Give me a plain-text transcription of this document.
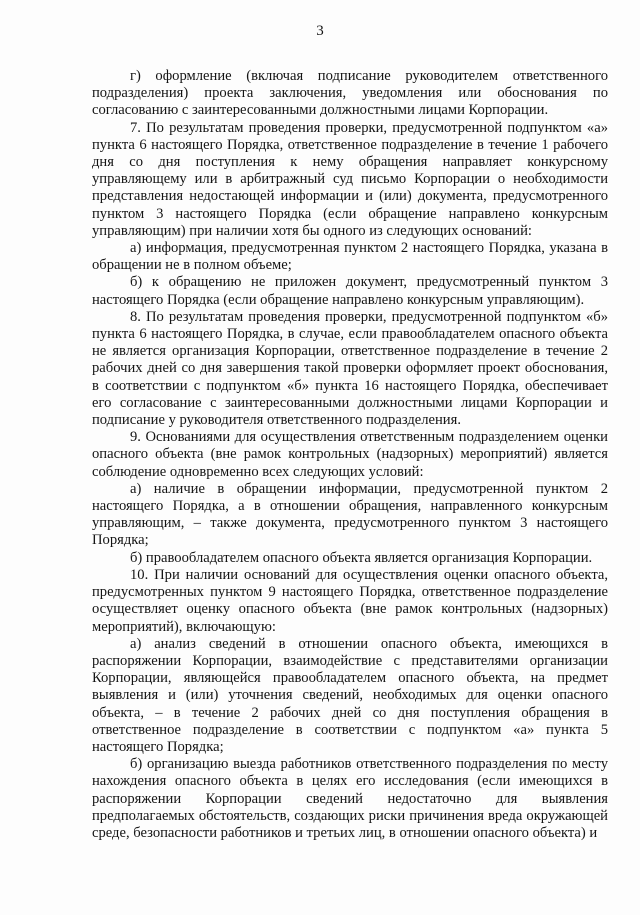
3

г) оформление (включая подписание руководителем ответственного подразделения) проекта заключения, уведомления или обоснования по согласованию с заинтересованными должностными лицами Корпорации.

7. По результатам проведения проверки, предусмотренной подпунктом «а» пункта 6 настоящего Порядка, ответственное подразделение в течение 1 рабочего дня со дня поступления к нему обращения направляет конкурсному управляющему или в арбитражный суд письмо Корпорации о необходимости представления недостающей информации и (или) документа, предусмотренного пунктом 3 настоящего Порядка (если обращение направлено конкурсным управляющим) при наличии хотя бы одного из следующих оснований:

а) информация, предусмотренная пунктом 2 настоящего Порядка, указана в обращении не в полном объеме;

б) к обращению не приложен документ, предусмотренный пунктом 3 настоящего Порядка (если обращение направлено конкурсным управляющим).

8. По результатам проведения проверки, предусмотренной подпунктом «б» пункта 6 настоящего Порядка, в случае, если правообладателем опасного объекта не является организация Корпорации, ответственное подразделение в течение 2 рабочих дней со дня завершения такой проверки оформляет проект обоснования, в соответствии с подпунктом «б» пункта 16 настоящего Порядка, обеспечивает его согласование с заинтересованными должностными лицами Корпорации и подписание у руководителя ответственного подразделения.

9. Основаниями для осуществления ответственным подразделением оценки опасного объекта (вне рамок контрольных (надзорных) мероприятий) является соблюдение одновременно всех следующих условий:

а) наличие в обращении информации, предусмотренной пунктом 2 настоящего Порядка, а в отношении обращения, направленного конкурсным управляющим, – также документа, предусмотренного пунктом 3 настоящего Порядка;

б) правообладателем опасного объекта является организация Корпорации.

10. При наличии оснований для осуществления оценки опасного объекта, предусмотренных пунктом 9 настоящего Порядка, ответственное подразделение осуществляет оценку опасного объекта (вне рамок контрольных (надзорных) мероприятий), включающую:

а) анализ сведений в отношении опасного объекта, имеющихся в распоряжении Корпорации, взаимодействие с представителями организации Корпорации, являющейся правообладателем опасного объекта, на предмет выявления и (или) уточнения сведений, необходимых для оценки опасного объекта, – в течение 2 рабочих дней со дня поступления обращения в ответственное подразделение в соответствии с подпунктом «а» пункта 5 настоящего Порядка;

б) организацию выезда работников ответственного подразделения по месту нахождения опасного объекта в целях его исследования (если имеющихся в распоряжении Корпорации сведений недостаточно для выявления предполагаемых обстоятельств, создающих риски причинения вреда окружающей среде, безопасности работников и третьих лиц, в отношении опасного объекта) и
